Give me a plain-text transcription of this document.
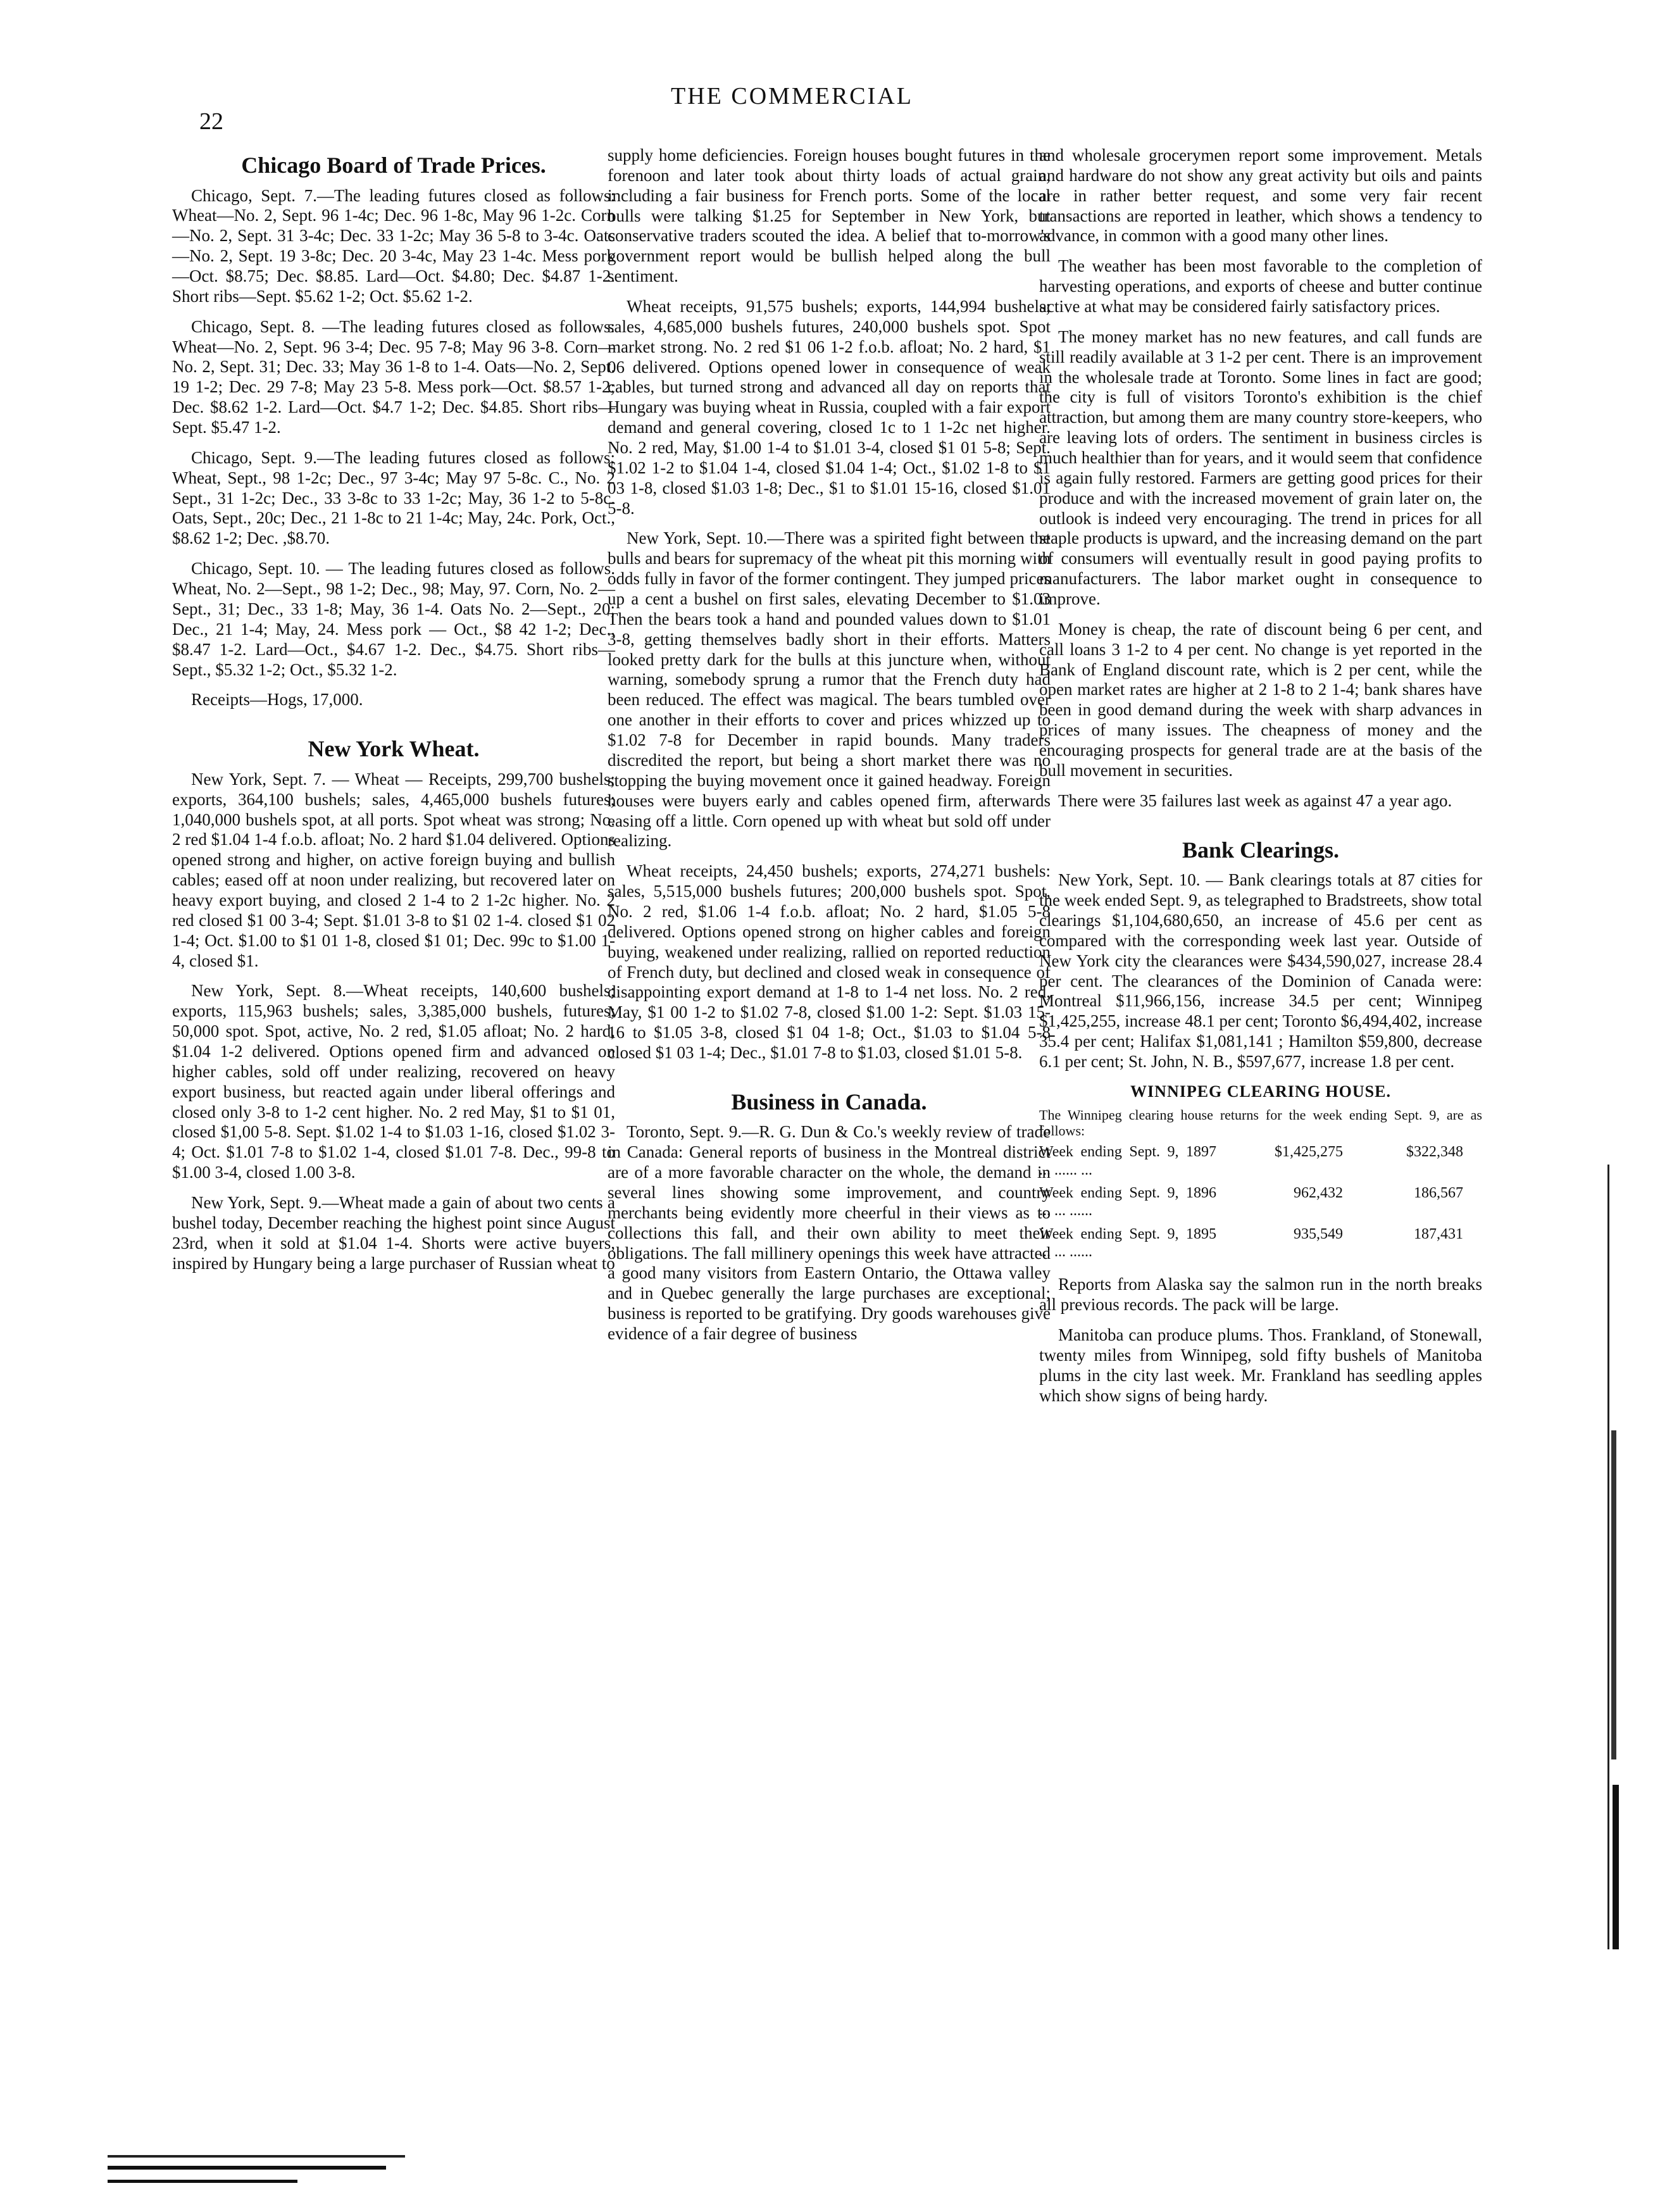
22
THE COMMERCIAL
Chicago Board of Trade Prices.

Chicago, Sept. 7.—The leading futures closed as follows: Wheat—No. 2, Sept. 96 1-4c; Dec. 96 1-8c, May 96 1-2c. Corn—No. 2, Sept. 31 3-4c; Dec. 33 1-2c; May 36 5-8 to 3-4c. Oats—No. 2, Sept. 19 3-8c; Dec. 20 3-4c, May 23 1-4c. Mess pork—Oct. $8.75; Dec. $8.85. Lard—Oct. $4.80; Dec. $4.87 1-2. Short ribs—Sept. $5.62 1-2; Oct. $5.62 1-2.

Chicago, Sept. 8. —The leading futures closed as follows: Wheat—No. 2, Sept. 96 3-4; Dec. 95 7-8; May 96 3-8. Corn—No. 2, Sept. 31; Dec. 33; May 36 1-8 to 1-4. Oats—No. 2, Sept. 19 1-2; Dec. 29 7-8; May 23 5-8. Mess pork—Oct. $8.57 1-2; Dec. $8.62 1-2. Lard—Oct. $4.7 1-2; Dec. $4.85. Short ribs—Sept. $5.47 1-2.

Chicago, Sept. 9.—The leading futures closed as follows: Wheat, Sept., 98 1-2c; Dec., 97 3-4c; May 97 5-8c. C., No. 2 Sept., 31 1-2c; Dec., 33 3-8c to 33 1-2c; May, 36 1-2 to 5-8c. Oats, Sept., 20c; Dec., 21 1-8c to 21 1-4c; May, 24c. Pork, Oct., $8.62 1-2; Dec. ,$8.70.

Chicago, Sept. 10. — The leading futures closed as follows. Wheat, No. 2—Sept., 98 1-2; Dec., 98; May, 97. Corn, No. 2—Sept., 31; Dec., 33 1-8; May, 36 1-4. Oats No. 2—Sept., 20; Dec., 21 1-4; May, 24. Mess pork — Oct., $8 42 1-2; Dec., $8.47 1-2. Lard—Oct., $4.67 1-2. Dec., $4.75. Short ribs—Sept., $5.32 1-2; Oct., $5.32 1-2.

Receipts—Hogs, 17,000.

New York Wheat.

New York, Sept. 7. — Wheat — Receipts, 299,700 bushels; exports, 364,100 bushels; sales, 4,465,000 bushels futures; 1,040,000 bushels spot, at all ports. Spot wheat was strong; No. 2 red $1.04 1-4 f.o.b. afloat; No. 2 hard $1.04 delivered. Options opened strong and higher, on active foreign buying and bullish cables; eased off at noon under realizing, but recovered later on heavy export buying, and closed 2 1-4 to 2 1-2c higher. No. 2 red closed $1 00 3-4; Sept. $1.01 3-8 to $1 02 1-4. closed $1 02 1-4; Oct. $1.00 to $1 01 1-8, closed $1 01; Dec. 99c to $1.00 1-4, closed $1.

New York, Sept. 8.—Wheat receipts, 140,600 bushels; exports, 115,963 bushels; sales, 3,385,000 bushels, futures; 50,000 spot. Spot, active, No. 2 red, $1.05 afloat; No. 2 hard, $1.04 1-2 delivered. Options opened firm and advanced on higher cables, sold off under realizing, recovered on heavy export business, but reacted again under liberal offerings and closed only 3-8 to 1-2 cent higher. No. 2 red May, $1 to $1 01, closed $1,00 5-8. Sept. $1.02 1-4 to $1.03 1-16, closed $1.02 3-4; Oct. $1.01 7-8 to $1.02 1-4, closed $1.01 7-8. Dec., 99-8 to $1.00 3-4, closed 1.00 3-8.

New York, Sept. 9.—Wheat made a gain of about two cents a bushel today, December reaching the highest point since August 23rd, when it sold at $1.04 1-4. Shorts were active buyers, inspired by Hungary being a large purchaser of Russian wheat to

supply home deficiencies. Foreign houses bought futures in the forenoon and later took about thirty loads of actual grain, including a fair business for French ports. Some of the local bulls were talking $1.25 for September in New York, but conservative traders scouted the idea. A belief that to-morrow's government report would be bullish helped along the bull sentiment.

Wheat receipts, 91,575 bushels; exports, 144,994 bushels; sales, 4,685,000 bushels futures, 240,000 bushels spot. Spot market strong. No. 2 red $1 06 1-2 f.o.b. afloat; No. 2 hard, $1 06 delivered. Options opened lower in consequence of weak cables, but turned strong and advanced all day on reports that Hungary was buying wheat in Russia, coupled with a fair export demand and general covering, closed 1c to 1 1-2c net higher. No. 2 red, May, $1.00 1-4 to $1.01 3-4, closed $1 01 5-8; Sept. $1.02 1-2 to $1.04 1-4, closed $1.04 1-4; Oct., $1.02 1-8 to $1 03 1-8, closed $1.03 1-8; Dec., $1 to $1.01 15-16, closed $1.01 5-8.

New York, Sept. 10.—There was a spirited fight between the bulls and bears for supremacy of the wheat pit this morning with odds fully in favor of the former contingent. They jumped prices up a cent a bushel on first sales, elevating December to $1.03 Then the bears took a hand and pounded values down to $1.01 3-8, getting themselves badly short in their efforts. Matters looked pretty dark for the bulls at this juncture when, without warning, somebody sprung a rumor that the French duty had been reduced. The effect was magical. The bears tumbled over one another in their efforts to cover and prices whizzed up to $1.02 7-8 for December in rapid bounds. Many traders discredited the report, but being a short market there was no stopping the buying movement once it gained headway. Foreign houses were buyers early and cables opened firm, afterwards easing off a little. Corn opened up with wheat but sold off under realizing.

Wheat receipts, 24,450 bushels; exports, 274,271 bushels: sales, 5,515,000 bushels futures; 200,000 bushels spot. Spot, No. 2 red, $1.06 1-4 f.o.b. afloat; No. 2 hard, $1.05 5-8 delivered. Options opened strong on higher cables and foreign buying, weakened under realizing, rallied on reported reduction of French duty, but declined and closed weak in consequence of disappointing export demand at 1-8 to 1-4 net loss. No. 2 red, May, $1 00 1-2 to $1.02 7-8, closed $1.00 1-2: Sept. $1.03 15-16 to $1.05 3-8, closed $1 04 1-8; Oct., $1.03 to $1.04 5-8 closed $1 03 1-4; Dec., $1.01 7-8 to $1.03, closed $1.01 5-8.

Business in Canada.

Toronto, Sept. 9.—R. G. Dun & Co.'s weekly review of trade in Canada: General reports of business in the Montreal district are of a more favorable character on the whole, the demand in several lines showing some improvement, and country merchants being evidently more cheerful in their views as to collections this fall, and their own ability to meet their obligations. The fall millinery openings this week have attracted a good many visitors from Eastern Ontario, the Ottawa valley and in Quebec generally the large purchases are exceptional; business is reported to be gratifying. Dry goods warehouses give evidence of a fair degree of business

and wholesale grocerymen report some improvement. Metals and hardware do not show any great activity but oils and paints are in rather better request, and some very fair recent transactions are reported in leather, which shows a tendency to advance, in common with a good many other lines.

The weather has been most favorable to the completion of harvesting operations, and exports of cheese and butter continue active at what may be considered fairly satisfactory prices.

The money market has no new features, and call funds are still readily available at 3 1-2 per cent. There is an improvement in the wholesale trade at Toronto. Some lines in fact are good; the city is full of visitors Toronto's exhibition is the chief attraction, but among them are many country store-keepers, who are leaving lots of orders. The sentiment in business circles is much healthier than for years, and it would seem that confidence is again fully restored. Farmers are getting good prices for their produce and with the increased movement of grain later on, the outlook is indeed very encouraging. The trend in prices for all staple products is upward, and the increasing demand on the part of consumers will eventually result in good paying profits to manufacturers. The labor market ought in consequence to improve.

Money is cheap, the rate of discount being 6 per cent, and call loans 3 1-2 to 4 per cent. No change is yet reported in the Bank of England discount rate, which is 2 per cent, while the open market rates are higher at 2 1-8 to 2 1-4; bank shares have been in good demand during the week with sharp advances in prices of many issues. The cheapness of money and the encouraging prospects for general trade are at the basis of the bull movement in securities.

There were 35 failures last week as against 47 a year ago.

Bank Clearings.

New York, Sept. 10. — Bank clearings totals at 87 cities for the week ended Sept. 9, as telegraphed to Bradstreets, show total clearings $1,104,680,650, an increase of 45.6 per cent as compared with the corresponding week last year. Outside of New York city the clearances were $434,590,027, increase 28.4 per cent. The clearances of the Dominion of Canada were: Montreal $11,966,156, increase 34.5 per cent; Winnipeg $1,425,255, increase 48.1 per cent; Toronto $6,494,402, increase 35.4 per cent; Halifax $1,081,141 ; Hamilton $59,800, decrease 6.1 per cent; St. John, N. B., $597,677, increase 1.8 per cent.

WINNIPEG CLEARING HOUSE.

The Winnipeg clearing house returns for the week ending Sept. 9, are as follows:

Week ending Sept. 9, 1897 ... ...... ...
$1,425,275	$322,348
Week ending Sept. 9, 1896 ... ... ......
962,432	186,567
Week ending Sept. 9, 1895 ... ... ......
935,549	187,431

Reports from Alaska say the salmon run in the north breaks all previous records. The pack will be large.

Manitoba can produce plums. Thos. Frankland, of Stonewall, twenty miles from Winnipeg, sold fifty bushels of Manitoba plums in the city last week. Mr. Frankland has seedling apples which show signs of being hardy.
